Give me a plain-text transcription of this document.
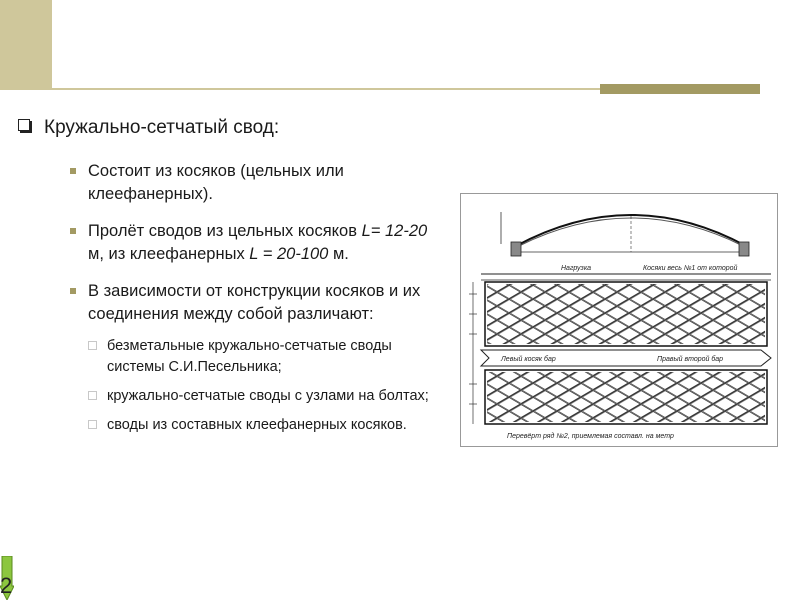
Кружально-сетчатый свод:
Состоит из косяков (цельных или клеефанерных).
Пролёт сводов из цельных косяков L= 12-20 м, из клеефанерных L = 20-100 м.
В зависимости от конструкции косяков и их соединения между собой различают:
безметальные кружально-сетчатые своды системы С.И.Песельника;
кружально-сетчатые своды с узлами на болтах;
своды из составных клеефанерных косяков.
Нагрузка	Косяки весь №1 от которой
Левый косяк бар	Правый второй бар
Перевёрт ряд №2, приемлемая составл. на метр
2
